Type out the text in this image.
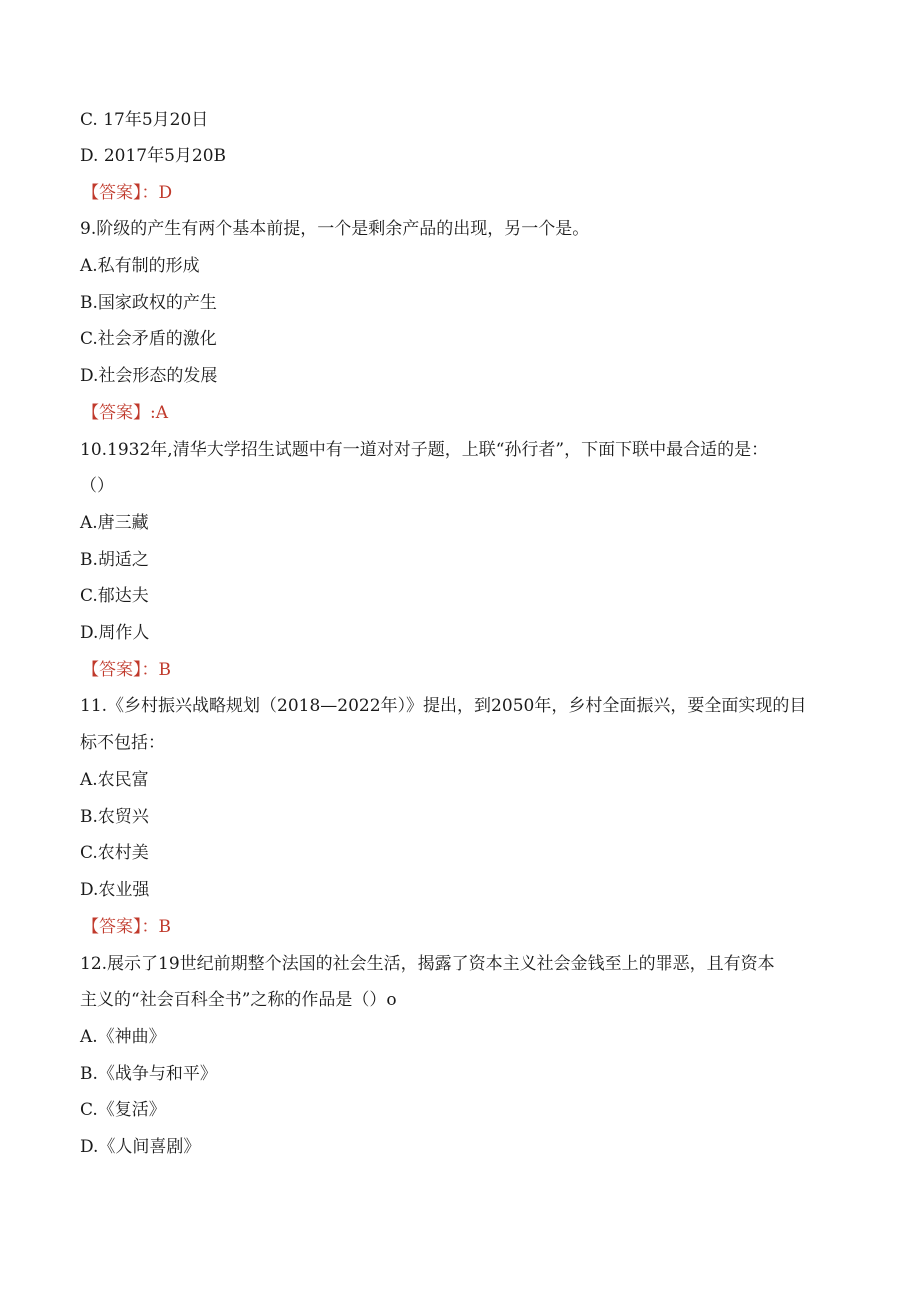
C. 17年5月20日
D. 2017年5月20B
【答案】：D
9.阶级的产生有两个基本前提，一个是剩余产品的出现，另一个是。
A.私有制的形成
B.国家政权的产生
C.社会矛盾的激化
D.社会形态的发展
【答案】:A
10.1932年,清华大学招生试题中有一道对对子题，上联“孙行者”，下面下联中最合适的是：
（）
A.唐三藏
B.胡适之
C.郁达夫
D.周作人
【答案】：B
11.《乡村振兴战略规划（2018—2022年）》提出，到2050年，乡村全面振兴，要全面实现的目
标不包括：
A.农民富
B.农贸兴
C.农村美
D.农业强
【答案】：B
12.展示了19世纪前期整个法国的社会生活，揭露了资本主义社会金钱至上的罪恶，且有资本
主义的“社会百科全书”之称的作品是（）o
A.《神曲》
B.《战争与和平》
C.《复活》
D.《人间喜剧》
